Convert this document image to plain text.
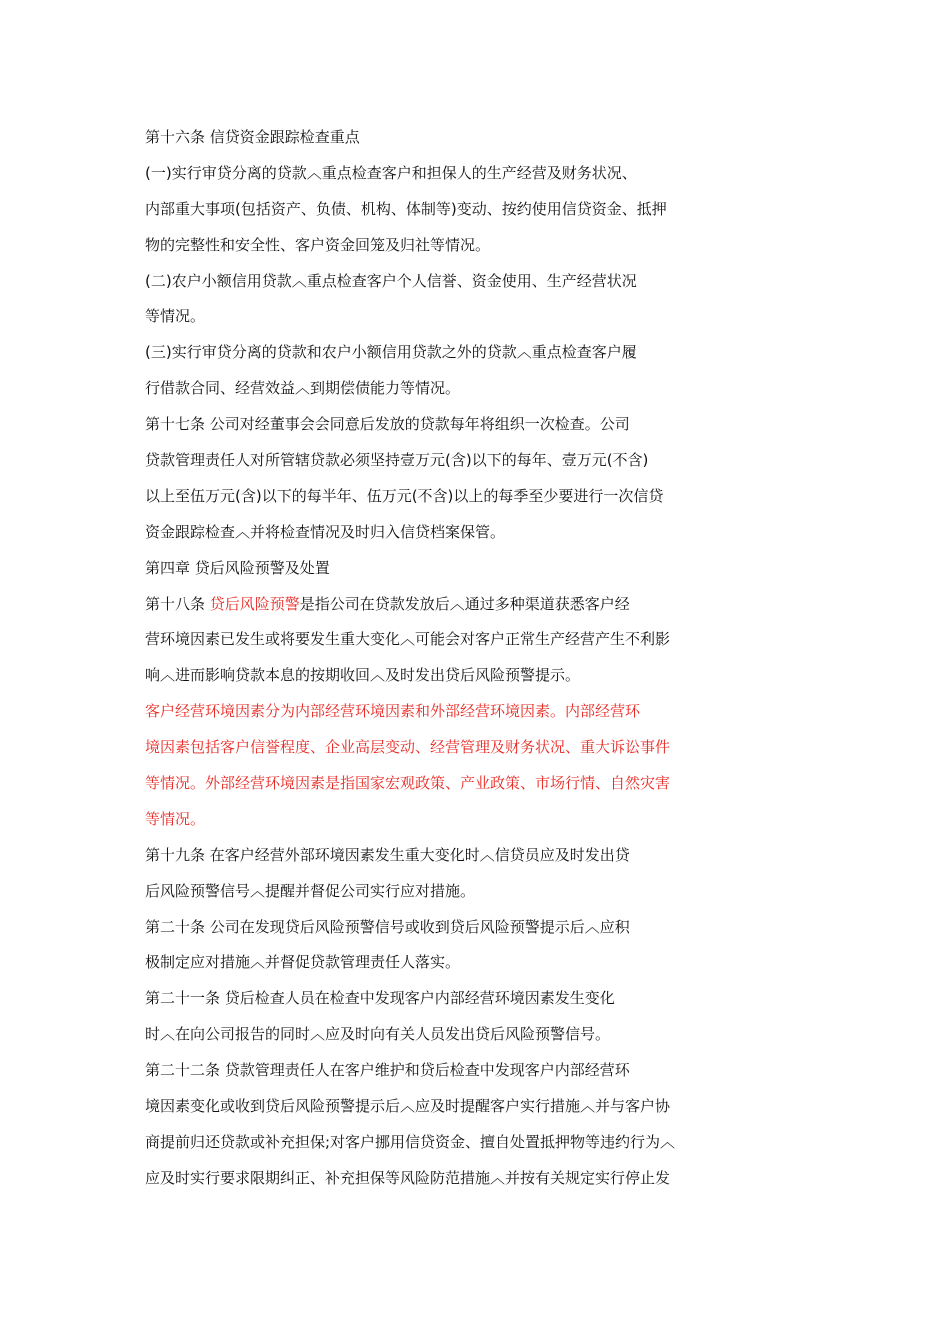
第十六条 信贷资金跟踪检查重点
(一)实行审贷分离的贷款︿重点检查客户和担保人的生产经营及财务状况、
内部重大事项(包括资产、负债、机构、体制等)变动、按约使用信贷资金、抵押
物的完整性和安全性、客户资金回笼及归社等情况。
(二)农户小额信用贷款︿重点检查客户个人信誉、资金使用、生产经营状况
等情况。
(三)实行审贷分离的贷款和农户小额信用贷款之外的贷款︿重点检查客户履
行借款合同、经营效益︿到期偿债能力等情况。
第十七条 公司对经董事会会同意后发放的贷款每年将组织一次检查。公司
贷款管理责任人对所管辖贷款必须坚持壹万元(含)以下的每年、壹万元(不含)
以上至伍万元(含)以下的每半年、伍万元(不含)以上的每季至少要进行一次信贷
资金跟踪检查︿并将检查情况及时归入信贷档案保管。
第四章 贷后风险预警及处置
第十八条 贷后风险预警是指公司在贷款发放后︿通过多种渠道获悉客户经
营环境因素已发生或将要发生重大变化︿可能会对客户正常生产经营产生不利影
响︿进而影响贷款本息的按期收回︿及时发出贷后风险预警提示。
客户经营环境因素分为内部经营环境因素和外部经营环境因素。内部经营环
境因素包括客户信誉程度、企业高层变动、经营管理及财务状况、重大诉讼事件
等情况。外部经营环境因素是指国家宏观政策、产业政策、市场行情、自然灾害
等情况。
第十九条 在客户经营外部环境因素发生重大变化时︿信贷员应及时发出贷
后风险预警信号︿提醒并督促公司实行应对措施。
第二十条 公司在发现贷后风险预警信号或收到贷后风险预警提示后︿应积
极制定应对措施︿并督促贷款管理责任人落实。
第二十一条 贷后检查人员在检查中发现客户内部经营环境因素发生变化
时︿在向公司报告的同时︿应及时向有关人员发出贷后风险预警信号。
第二十二条 贷款管理责任人在客户维护和贷后检查中发现客户内部经营环
境因素变化或收到贷后风险预警提示后︿应及时提醒客户实行措施︿并与客户协
商提前归还贷款或补充担保;对客户挪用信贷资金、擅自处置抵押物等违约行为︿
应及时实行要求限期纠正、补充担保等风险防范措施︿并按有关规定实行停止发
